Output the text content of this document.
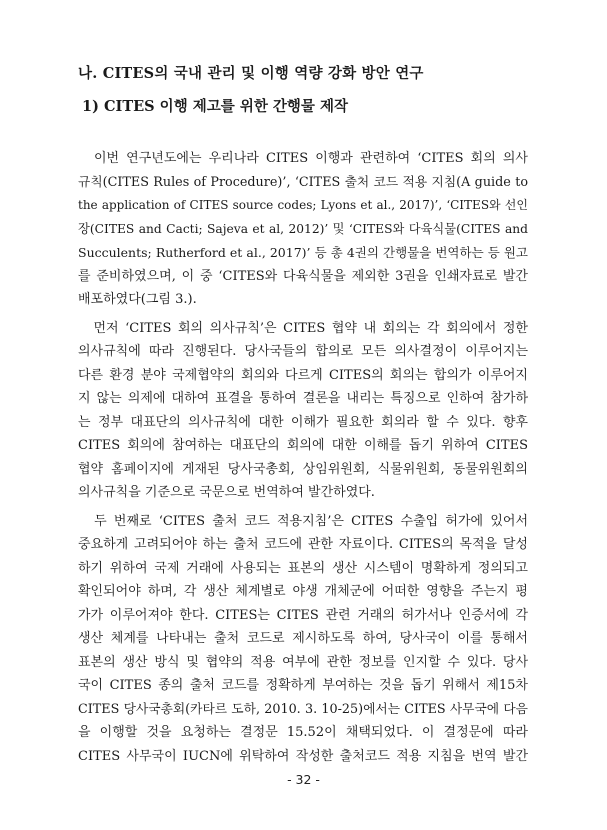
나. CITES의 국내 관리 및 이행 역량 강화 방안 연구
1) CITES 이행 제고를 위한 간행물 제작
　이번 연구년도에는 우리나라 CITES 이행과 관련하여 ‘CITES 회의 의사
규칙(CITES Rules of Procedure)’, ‘CITES 출처 코드 적용 지침(A guide to
the application of CITES source codes; Lyons et al., 2017)’, ‘CITES와 선인
장(CITES and Cacti; Sajeva et al, 2012)’ 및 ‘CITES와 다육식물(CITES and
Succulents; Rutherford et al., 2017)’ 등 총 4권의 간행물을 번역하는 등 원고
를 준비하였으며, 이 중 ‘CITES와 다육식물을 제외한 3권을 인쇄자료로 발간
배포하였다(그림 3.).
　먼저 ‘CITES 회의 의사규칙’은 CITES 협약 내 회의는 각 회의에서 정한
의사규칙에 따라 진행된다. 당사국들의 합의로 모든 의사결정이 이루어지는
다른 환경 분야 국제협약의 회의와 다르게 CITES의 회의는 합의가 이루어지
지 않는 의제에 대하여 표결을 통하여 결론을 내리는 특징으로 인하여 참가하
는 정부 대표단의 의사규칙에 대한 이해가 필요한 회의라 할 수 있다. 향후
CITES 회의에 참여하는 대표단의 회의에 대한 이해를 돕기 위하여 CITES
협약 홈페이지에 게재된 당사국총회, 상임위원회, 식물위원회, 동물위원회의
의사규칙을 기준으로 국문으로 번역하여 발간하였다.
　두 번째로 ‘CITES 출처 코드 적용지침’은 CITES 수출입 허가에 있어서
중요하게 고려되어야 하는 출처 코드에 관한 자료이다. CITES의 목적을 달성
하기 위하여 국제 거래에 사용되는 표본의 생산 시스템이 명확하게 정의되고
확인되어야 하며, 각 생산 체계별로 야생 개체군에 어떠한 영향을 주는지 평
가가 이루어져야 한다. CITES는 CITES 관련 거래의 허가서나 인증서에 각
생산 체계를 나타내는 출처 코드로 제시하도록 하여, 당사국이 이를 통해서
표본의 생산 방식 및 협약의 적용 여부에 관한 정보를 인지할 수 있다. 당사
국이 CITES 종의 출처 코드를 정확하게 부여하는 것을 돕기 위해서 제15차
CITES 당사국총회(카타르 도하, 2010. 3. 10-25)에서는 CITES 사무국에 다음
을 이행할 것을 요청하는 결정문 15.52이 채택되었다. 이 결정문에 따라
CITES 사무국이 IUCN에 위탁하여 작성한 출처코드 적용 지침을 번역 발간
- 32 -
